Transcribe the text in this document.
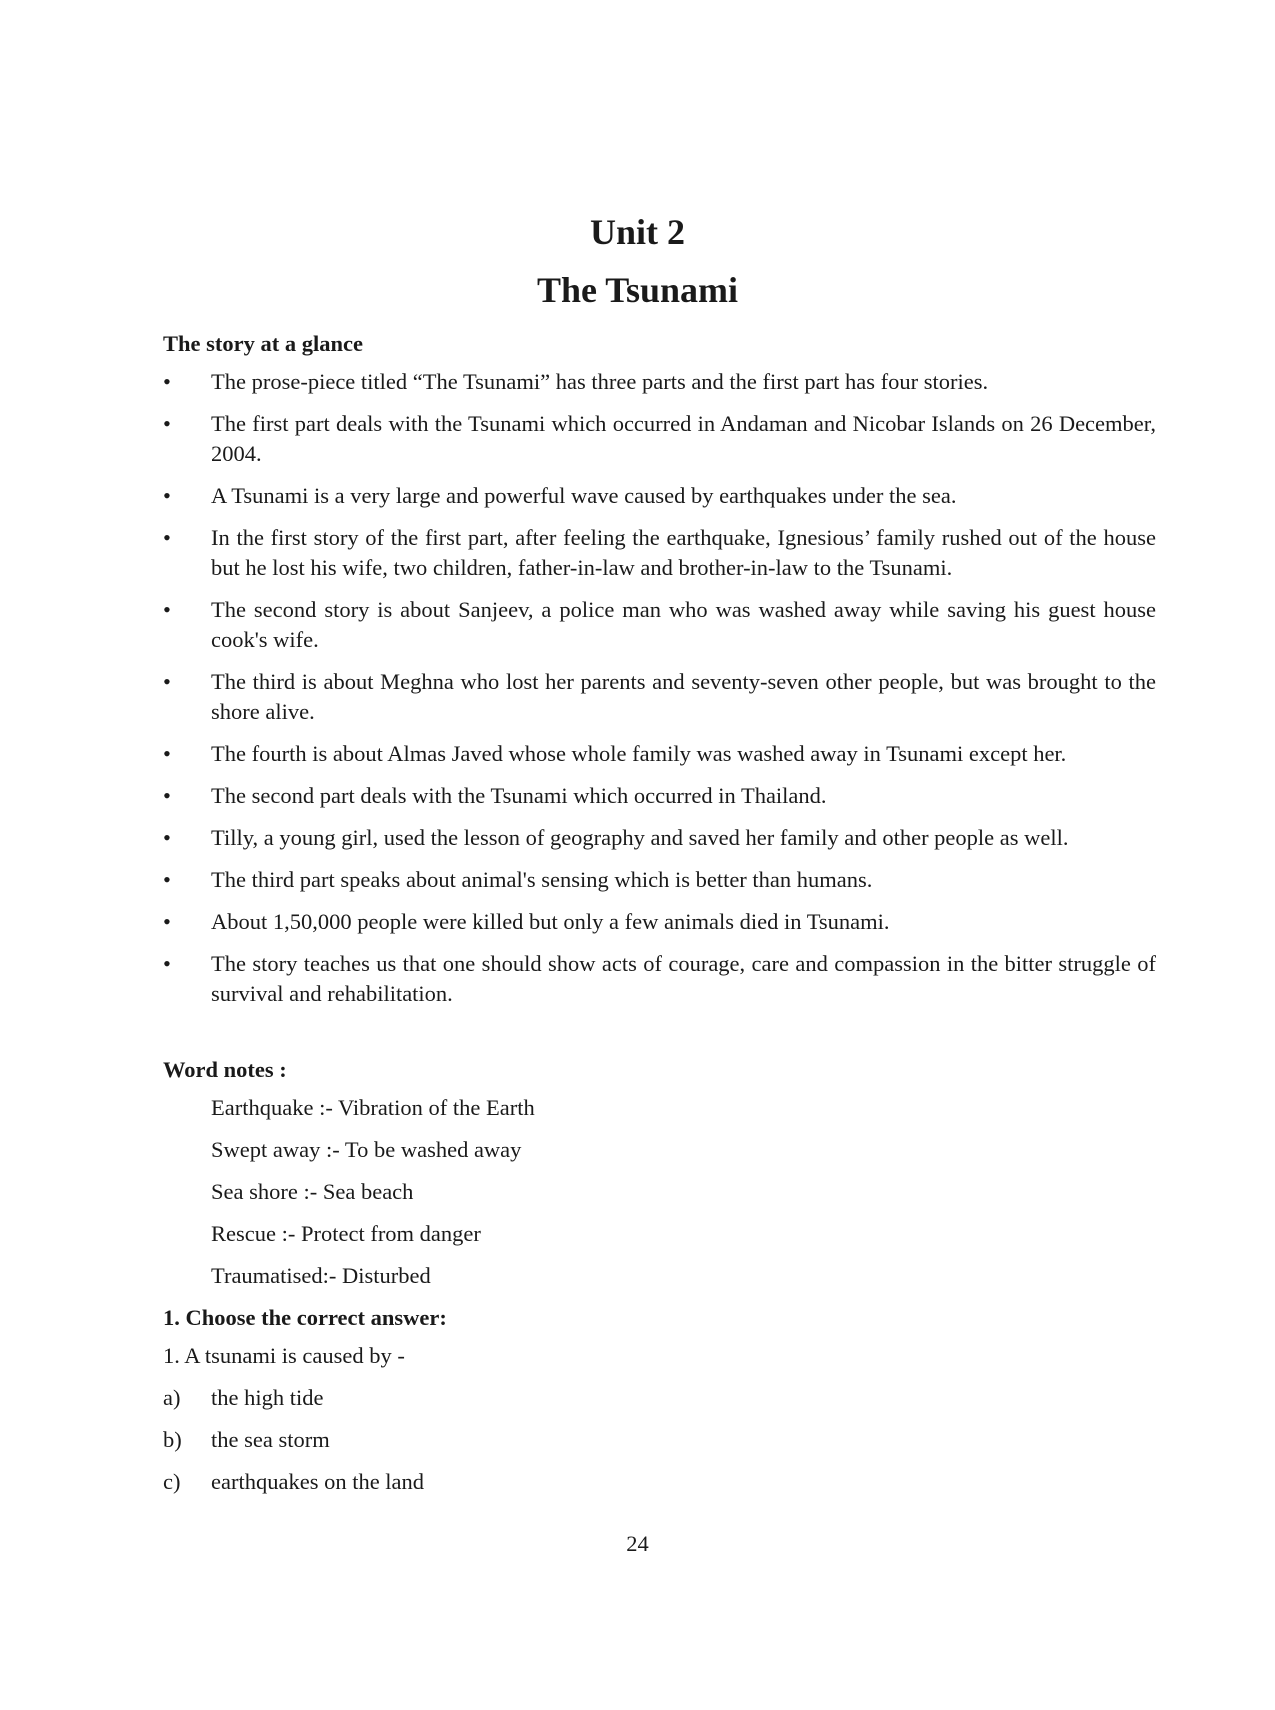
Unit 2
The Tsunami
The story at a glance
• The prose-piece titled “The Tsunami” has three parts and the first part has four stories.
• The first part deals with the Tsunami which occurred in Andaman and Nicobar Islands on 26 December, 2004.
• A Tsunami is a very large and powerful wave caused by earthquakes under the sea.
• In the first story of the first part, after feeling the earthquake, Ignesious’ family rushed out of the house but he lost his wife, two children, father-in-law and brother-in-law to the Tsunami.
• The second story is about Sanjeev, a police man who was washed away while saving his guest house cook's wife.
• The third is about Meghna who lost her parents and seventy-seven other people, but was brought to the shore alive.
• The fourth is about Almas Javed whose whole family was washed away in Tsunami except her.
• The second part deals with the Tsunami which occurred in Thailand.
• Tilly, a young girl, used the lesson of geography and saved her family and other people as well.
• The third part speaks about animal's sensing which is better than humans.
• About 1,50,000 people were killed but only a few animals died in Tsunami.
• The story teaches us that one should show acts of courage, care and compassion in the bitter struggle of survival and rehabilitation.
Word notes :
Earthquake :- Vibration of the Earth
Swept away :- To be washed away
Sea shore :- Sea beach
Rescue :- Protect from danger
Traumatised:- Disturbed
1. Choose the correct answer:
1. A tsunami is caused by -
a) the high tide
b) the sea storm
c) earthquakes on the land
24
